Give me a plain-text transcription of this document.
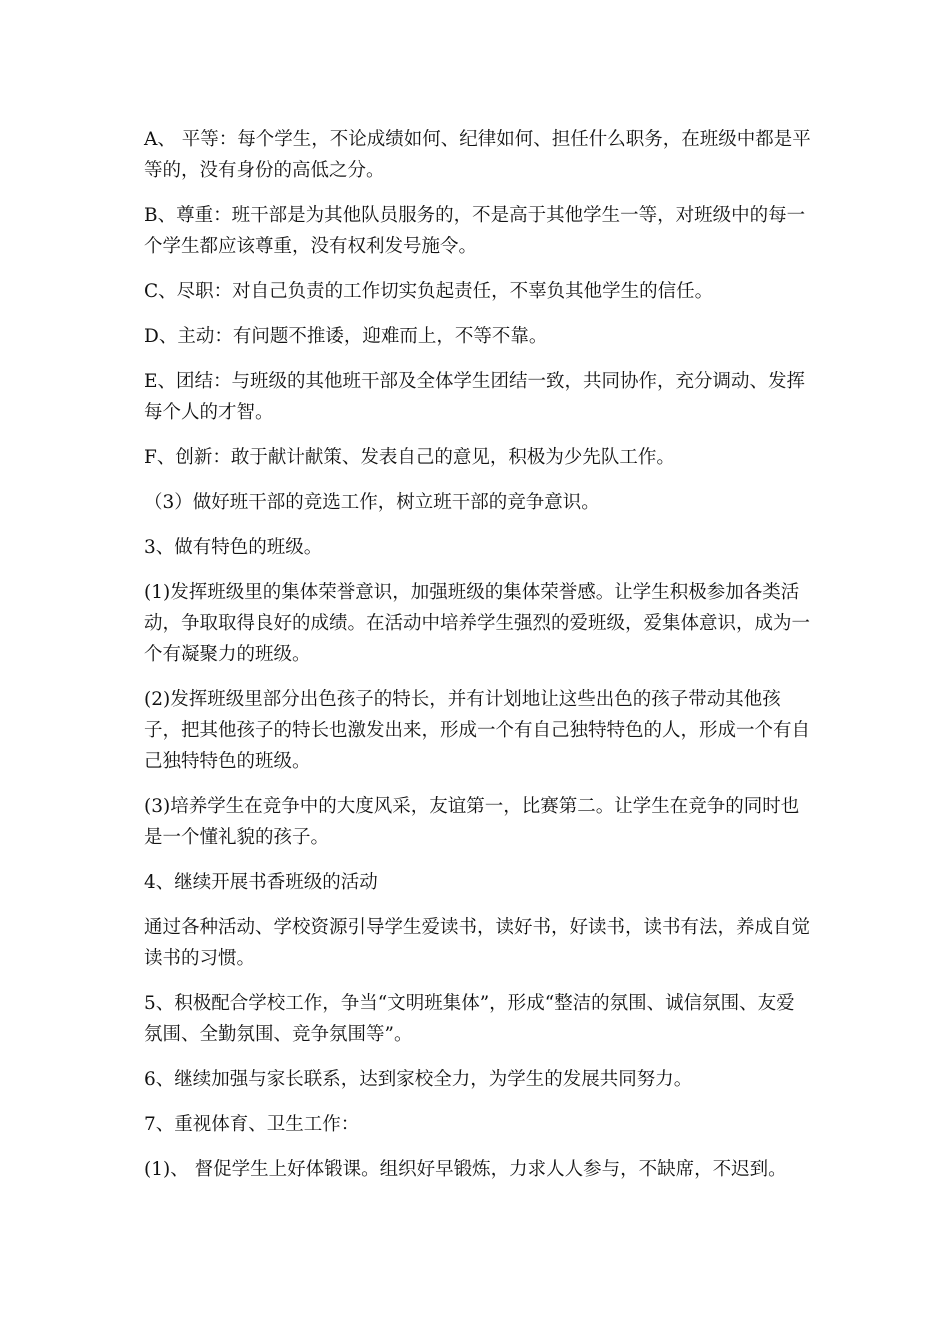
A、 平等：每个学生，不论成绩如何、纪律如何、担任什么职务，在班级中都是平等的，没有身份的高低之分。

B、尊重：班干部是为其他队员服务的，不是高于其他学生一等，对班级中的每一个学生都应该尊重，没有权利发号施令。

C、尽职：对自己负责的工作切实负起责任，不辜负其他学生的信任。

D、主动：有问题不推诿，迎难而上，不等不靠。

E、团结：与班级的其他班干部及全体学生团结一致，共同协作，充分调动、发挥每个人的才智。

F、创新：敢于献计献策、发表自己的意见，积极为少先队工作。

（3）做好班干部的竞选工作，树立班干部的竞争意识。

3、做有特色的班级。

(1)发挥班级里的集体荣誉意识，加强班级的集体荣誉感。让学生积极参加各类活动，争取取得良好的成绩。在活动中培养学生强烈的爱班级，爱集体意识，成为一个有凝聚力的班级。

(2)发挥班级里部分出色孩子的特长，并有计划地让这些出色的孩子带动其他孩子，把其他孩子的特长也激发出来，形成一个有自己独特特色的人，形成一个有自己独特特色的班级。

(3)培养学生在竞争中的大度风采，友谊第一，比赛第二。让学生在竞争的同时也是一个懂礼貌的孩子。

4、继续开展书香班级的活动

通过各种活动、学校资源引导学生爱读书，读好书，好读书，读书有法，养成自觉读书的习惯。

5、积极配合学校工作，争当“文明班集体”，形成“整洁的氛围、诚信氛围、友爱氛围、全勤氛围、竞争氛围等”。

6、继续加强与家长联系，达到家校全力，为学生的发展共同努力。

7、重视体育、卫生工作：

(1)、 督促学生上好体锻课。组织好早锻炼，力求人人参与，不缺席，不迟到。
